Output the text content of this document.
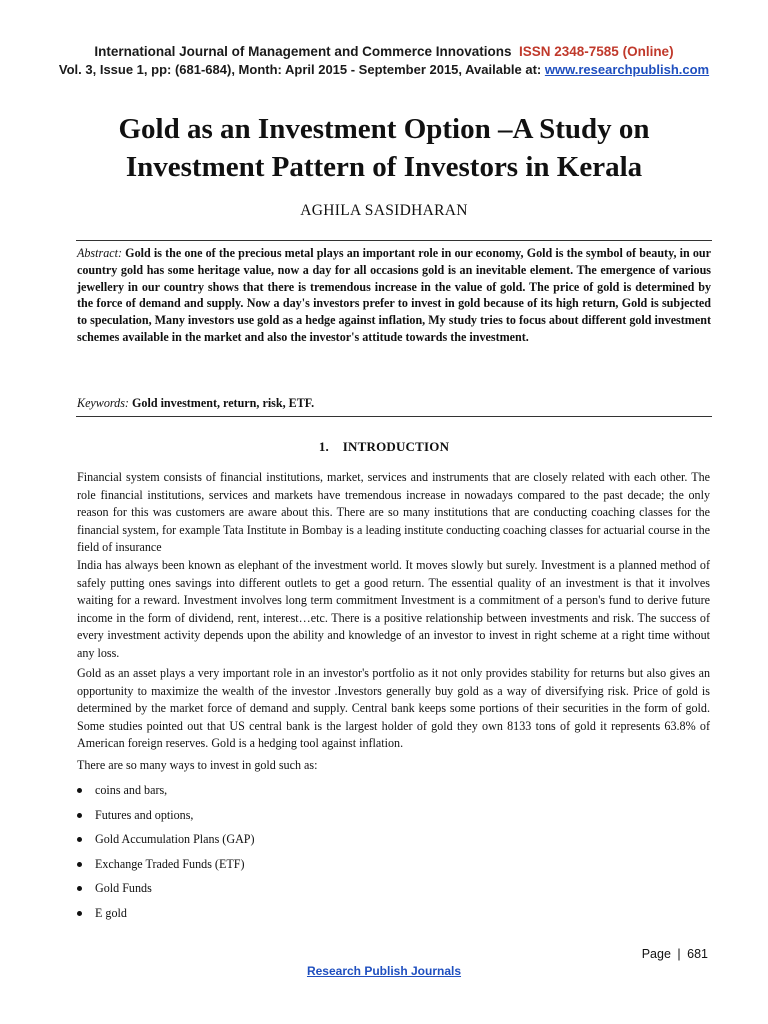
International Journal of Management and Commerce Innovations ISSN 2348-7585 (Online)
Vol. 3, Issue 1, pp: (681-684), Month: April 2015 - September 2015, Available at: www.researchpublish.com
Gold as an Investment Option –A Study on
Investment Pattern of Investors in Kerala
AGHILA SASIDHARAN
Abstract: Gold is the one of the precious metal plays an important role in our economy, Gold is the symbol of beauty, in our country gold has some heritage value, now a day for all occasions gold is an inevitable element. The emergence of various jewellery in our country shows that there is tremendous increase in the value of gold. The price of gold is determined by the force of demand and supply. Now a day's investors prefer to invest in gold because of its high return, Gold is subjected to speculation, Many investors use gold as a hedge against inflation, My study tries to focus about different gold investment schemes available in the market and also the investor's attitude towards the investment.
Keywords: Gold investment, return, risk, ETF.
1.    INTRODUCTION

Financial system consists of financial institutions, market, services and instruments that are closely related with each other. The role financial institutions, services and markets have tremendous increase in nowadays compared to the past decade; the only reason for this was customers are aware about this. There are so many institutions that are conducting coaching classes for the financial system, for example Tata Institute in Bombay is a leading institute conducting coaching classes for actuarial course in the field of insurance

India has always been known as elephant of the investment world. It moves slowly but surely. Investment is a planned method of safely putting ones savings into different outlets to get a good return. The essential quality of an investment is that it involves waiting for a reward. Investment involves long term commitment Investment is a commitment of a person's fund to derive future income in the form of dividend, rent, interest…etc. There is a positive relationship between investments and risk. The success of every investment activity depends upon the ability and knowledge of an investor to invest in right scheme at a right time without any loss.

Gold as an asset plays a very important role in an investor's portfolio as it not only provides stability for returns but also gives an opportunity to maximize the wealth of the investor .Investors generally buy gold as a way of diversifying risk. Price of gold is determined by the market force of demand and supply. Central bank keeps some portions of their securities in the form of gold. Some studies pointed out that US central bank is the largest holder of gold they own 8133 tons of gold it represents 63.8% of American foreign reserves. Gold is a hedging tool against inflation.

There are so many ways to invest in gold such as:

coins and bars,
Futures and options,
Gold Accumulation Plans (GAP)
Exchange Traded Funds (ETF)
Gold Funds
E gold
Page | 681
Research Publish Journals
